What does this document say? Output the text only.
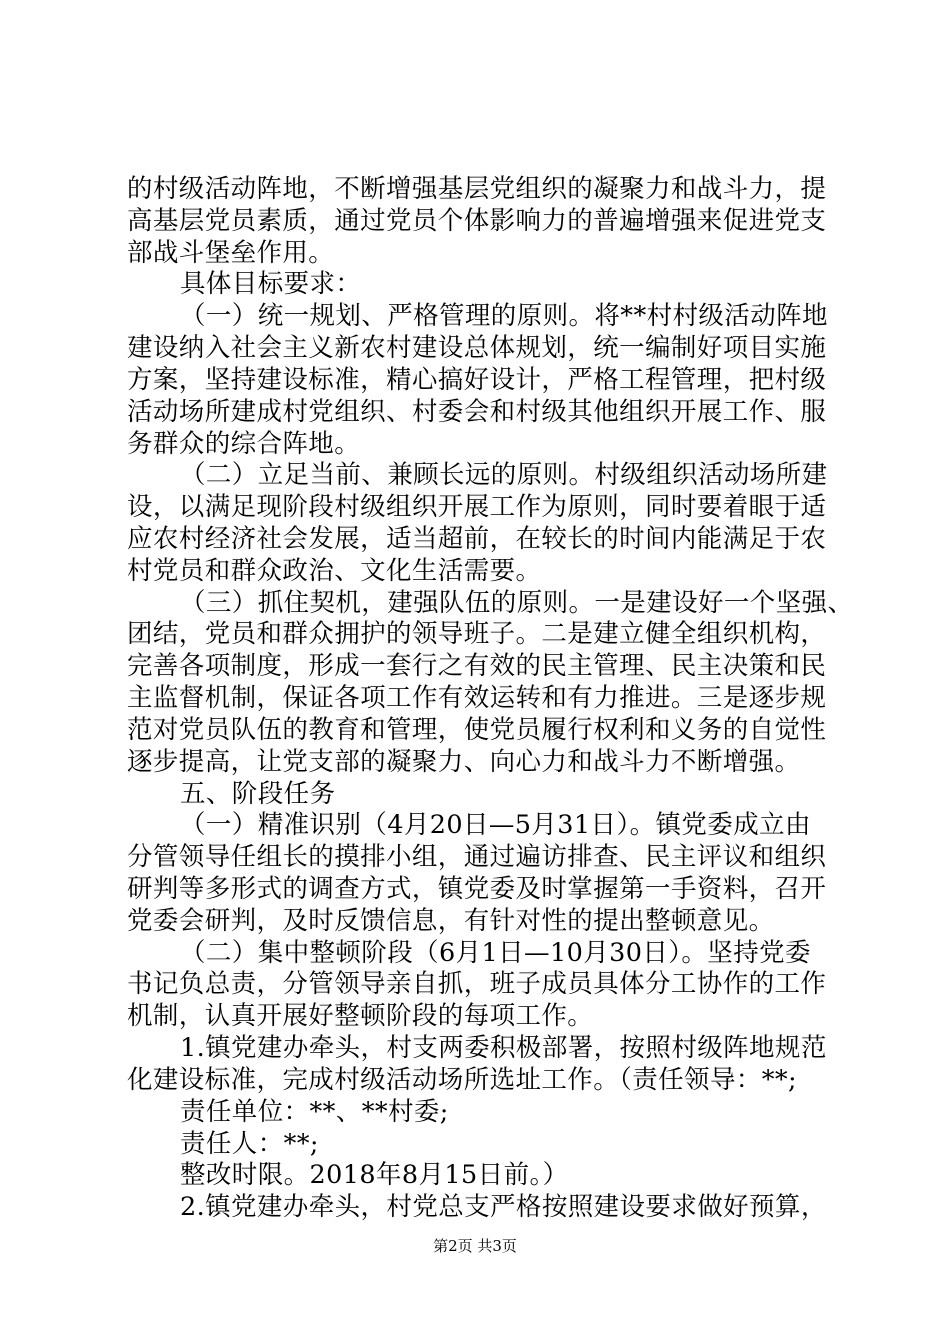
的村级活动阵地，不断增强基层党组织的凝聚力和战斗力，提
高基层党员素质，通过党员个体影响力的普遍增强来促进党支
部战斗堡垒作用。
具体目标要求：
（一）统一规划、严格管理的原则。将**村村级活动阵地
建设纳入社会主义新农村建设总体规划，统一编制好项目实施
方案，坚持建设标准，精心搞好设计，严格工程管理，把村级
活动场所建成村党组织、村委会和村级其他组织开展工作、服
务群众的综合阵地。
（二）立足当前、兼顾长远的原则。村级组织活动场所建
设，以满足现阶段村级组织开展工作为原则，同时要着眼于适
应农村经济社会发展，适当超前，在较长的时间内能满足于农
村党员和群众政治、文化生活需要。
（三）抓住契机，建强队伍的原则。一是建设好一个坚强、
团结，党员和群众拥护的领导班子。二是建立健全组织机构，
完善各项制度，形成一套行之有效的民主管理、民主决策和民
主监督机制，保证各项工作有效运转和有力推进。三是逐步规
范对党员队伍的教育和管理，使党员履行权利和义务的自觉性
逐步提高，让党支部的凝聚力、向心力和战斗力不断增强。
五、阶段任务
（一）精准识别（4月20日—5月31日）。镇党委成立由
分管领导任组长的摸排小组，通过遍访排查、民主评议和组织
研判等多形式的调查方式，镇党委及时掌握第一手资料，召开
党委会研判，及时反馈信息，有针对性的提出整顿意见。
（二）集中整顿阶段（6月1日—10月30日）。坚持党委
书记负总责，分管领导亲自抓，班子成员具体分工协作的工作
机制，认真开展好整顿阶段的每项工作。
1.镇党建办牵头，村支两委积极部署，按照村级阵地规范
化建设标准，完成村级活动场所选址工作。（责任领导：**;
责任单位：**、**村委;
责任人：**;
整改时限。2018年8月15日前。）
2.镇党建办牵头，村党总支严格按照建设要求做好预算，
第2页 共3页
